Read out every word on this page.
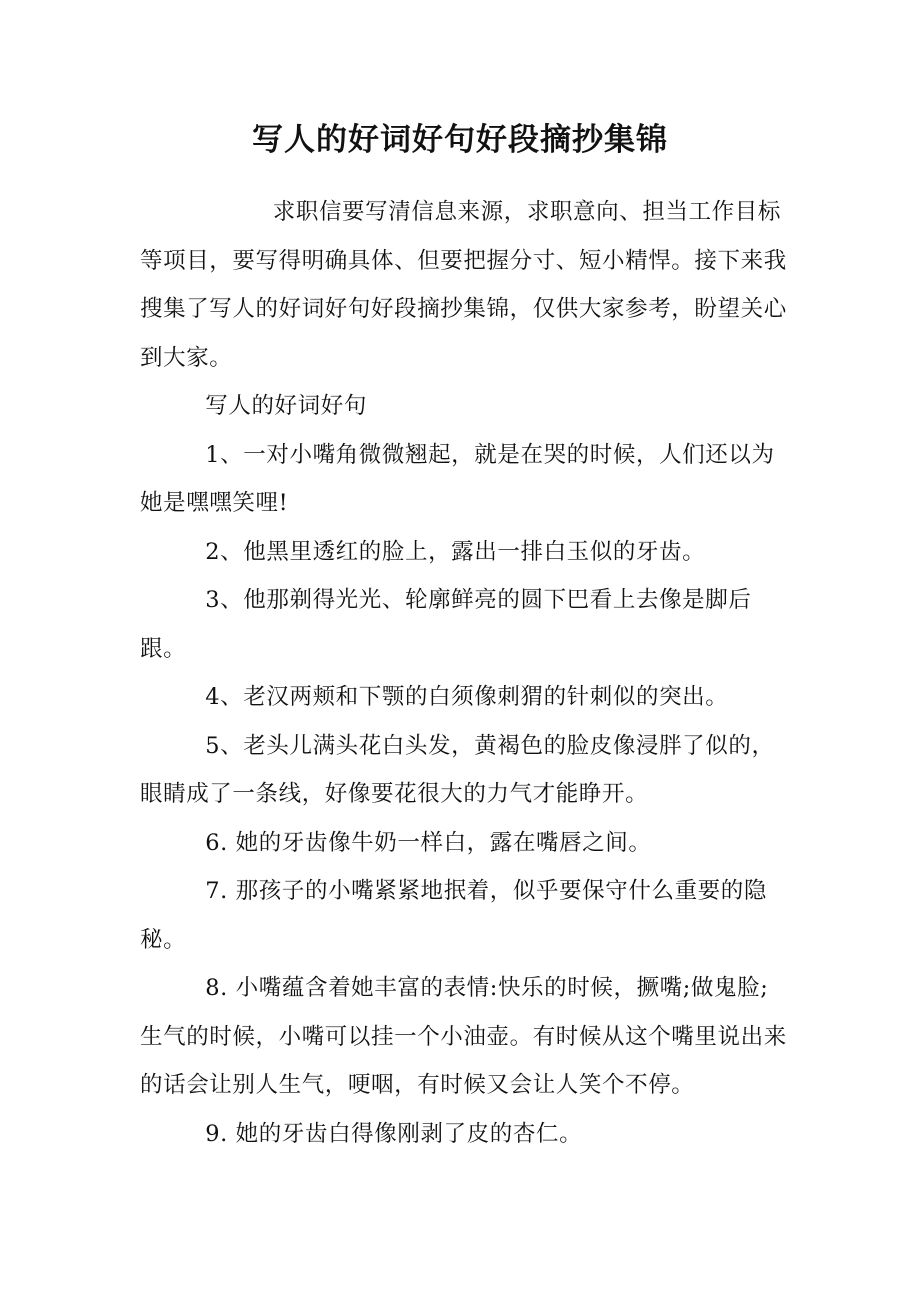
写人的好词好句好段摘抄集锦

求职信要写清信息来源，求职意向、担当工作目标等项目，要写得明确具体、但要把握分寸、短小精悍。接下来我搜集了写人的好词好句好段摘抄集锦，仅供大家参考，盼望关心到大家。

写人的好词好句

1、一对小嘴角微微翘起，就是在哭的时候，人们还以为她是嘿嘿笑哩!

2、他黑里透红的脸上，露出一排白玉似的牙齿。

3、他那剃得光光、轮廓鲜亮的圆下巴看上去像是脚后跟。

4、老汉两颊和下颚的白须像刺猬的针刺似的突出。

5、老头儿满头花白头发，黄褐色的脸皮像浸胖了似的，眼睛成了一条线，好像要花很大的力气才能睁开。

6. 她的牙齿像牛奶一样白，露在嘴唇之间。

7. 那孩子的小嘴紧紧地抿着，似乎要保守什么重要的隐秘。

8. 小嘴蕴含着她丰富的表情:快乐的时候，撅嘴;做鬼脸;生气的时候，小嘴可以挂一个小油壶。有时候从这个嘴里说出来的话会让别人生气，哽咽，有时候又会让人笑个不停。

9. 她的牙齿白得像刚剥了皮的杏仁。
